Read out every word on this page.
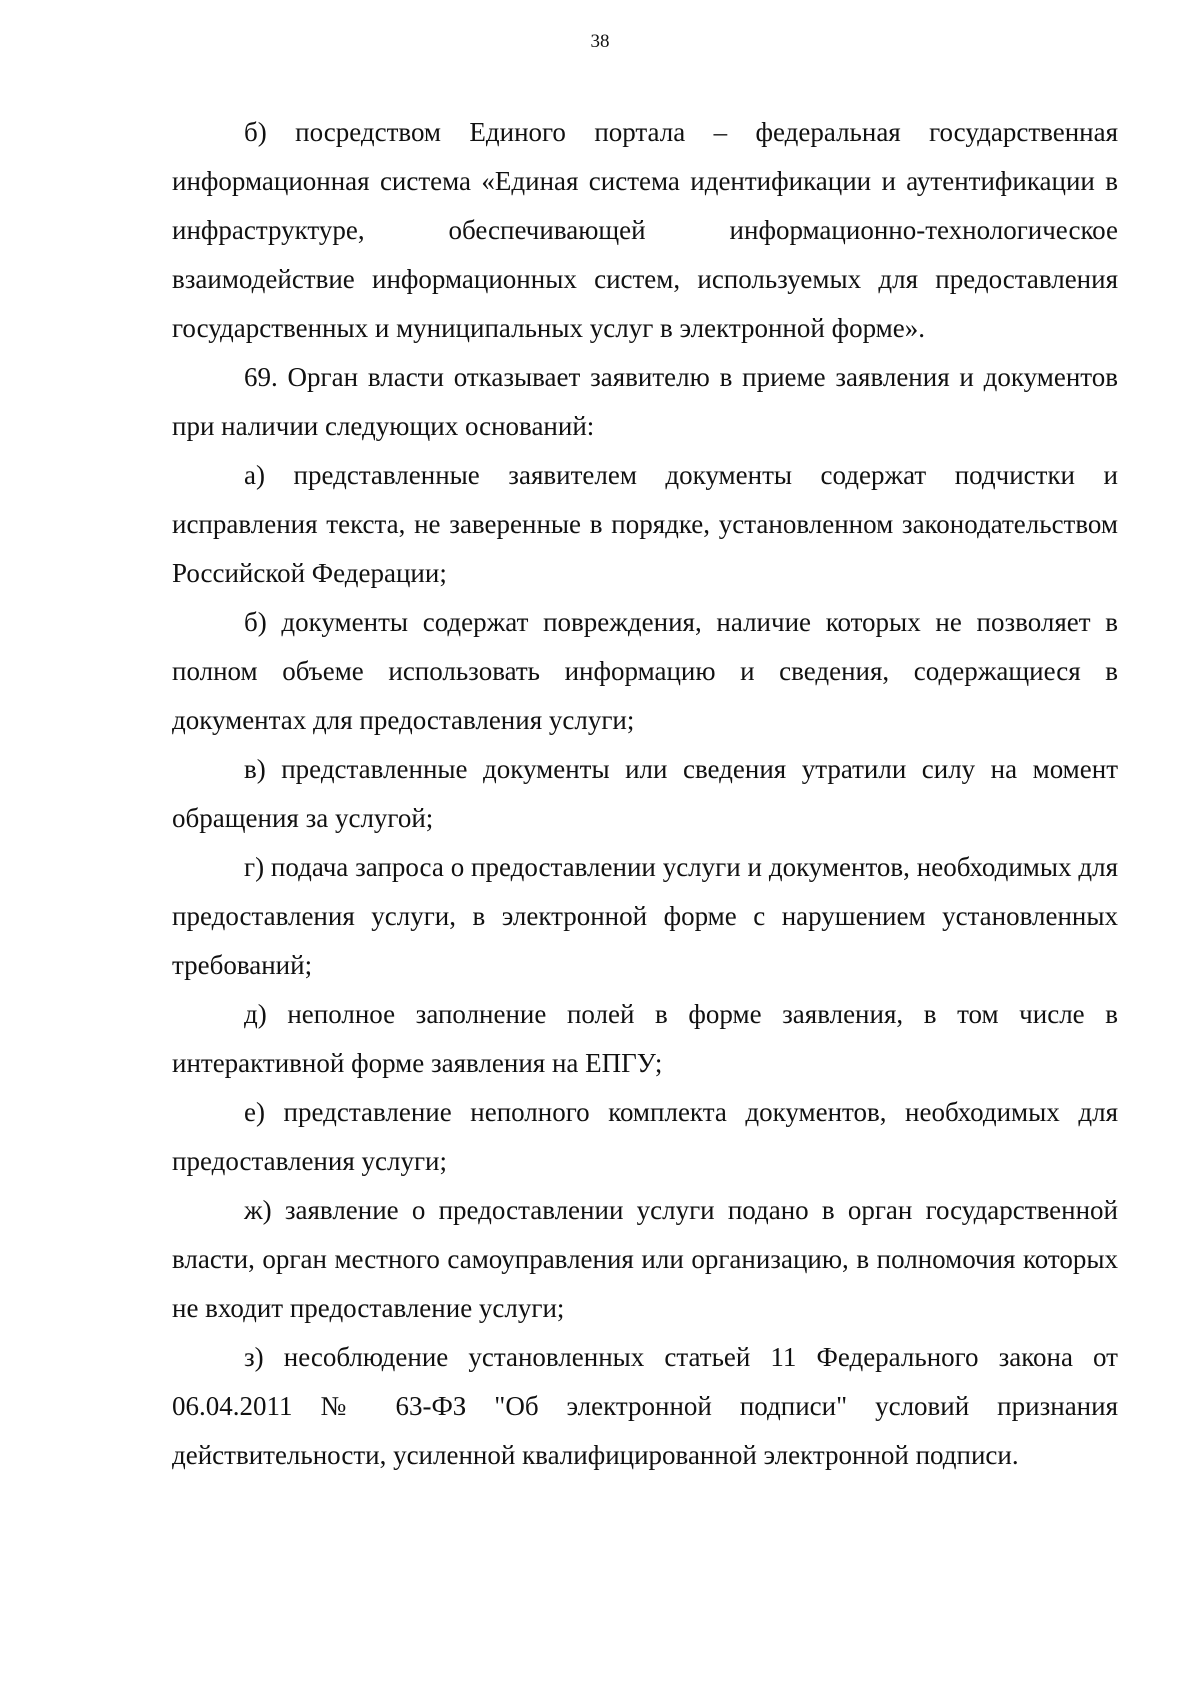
38

б) посредством Единого портала – федеральная государственная информационная система «Единая система идентификации и аутентификации в инфраструктуре, обеспечивающей информационно-технологическое взаимодействие информационных систем, используемых для предоставления государственных и муниципальных услуг в электронной форме».

69. Орган власти отказывает заявителю в приеме заявления и документов при наличии следующих оснований:

а) представленные заявителем документы содержат подчистки и исправления текста, не заверенные в порядке, установленном законодательством Российской Федерации;

б) документы содержат повреждения, наличие которых не позволяет в полном объеме использовать информацию и сведения, содержащиеся в документах для предоставления услуги;

в) представленные документы или сведения утратили силу на момент обращения за услугой;

г) подача запроса о предоставлении услуги и документов, необходимых для предоставления услуги, в электронной форме с нарушением установленных требований;

д) неполное заполнение полей в форме заявления, в том числе в интерактивной форме заявления на ЕПГУ;

е) представление неполного комплекта документов, необходимых для предоставления услуги;

ж) заявление о предоставлении услуги подано в орган государственной власти, орган местного самоуправления или организацию, в полномочия которых не входит предоставление услуги;

з) несоблюдение установленных статьей 11 Федерального закона от 06.04.2011 № 63-ФЗ "Об электронной подписи" условий признания действительности, усиленной квалифицированной электронной подписи.
